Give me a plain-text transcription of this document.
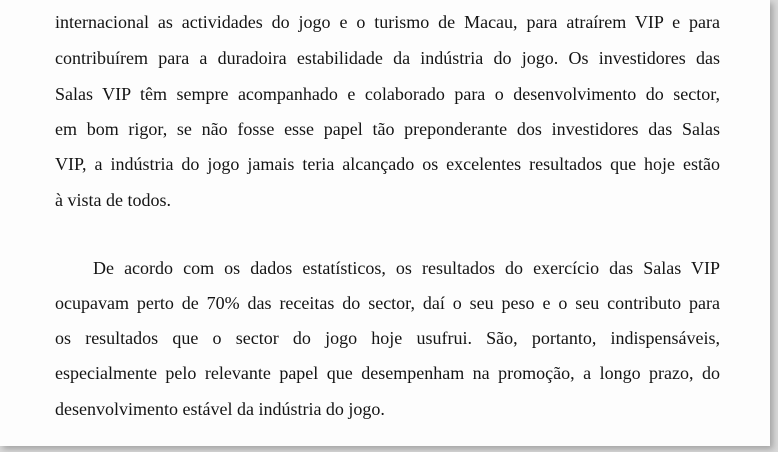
internacional as actividades do jogo e o turismo de Macau, para atraírem VIP e para
contribuírem para a duradoira estabilidade da indústria do jogo. Os investidores das
Salas VIP têm sempre acompanhado e colaborado para o desenvolvimento do sector,
em bom rigor, se não fosse esse papel tão preponderante dos investidores das Salas
VIP, a indústria do jogo jamais teria alcançado os excelentes resultados que hoje estão
à vista de todos.
De acordo com os dados estatísticos, os resultados do exercício das Salas VIP
ocupavam perto de 70% das receitas do sector, daí o seu peso e o seu contributo para
os resultados que o sector do jogo hoje usufrui. São, portanto, indispensáveis,
especialmente pelo relevante papel que desempenham na promoção, a longo prazo, do
desenvolvimento estável da indústria do jogo.
